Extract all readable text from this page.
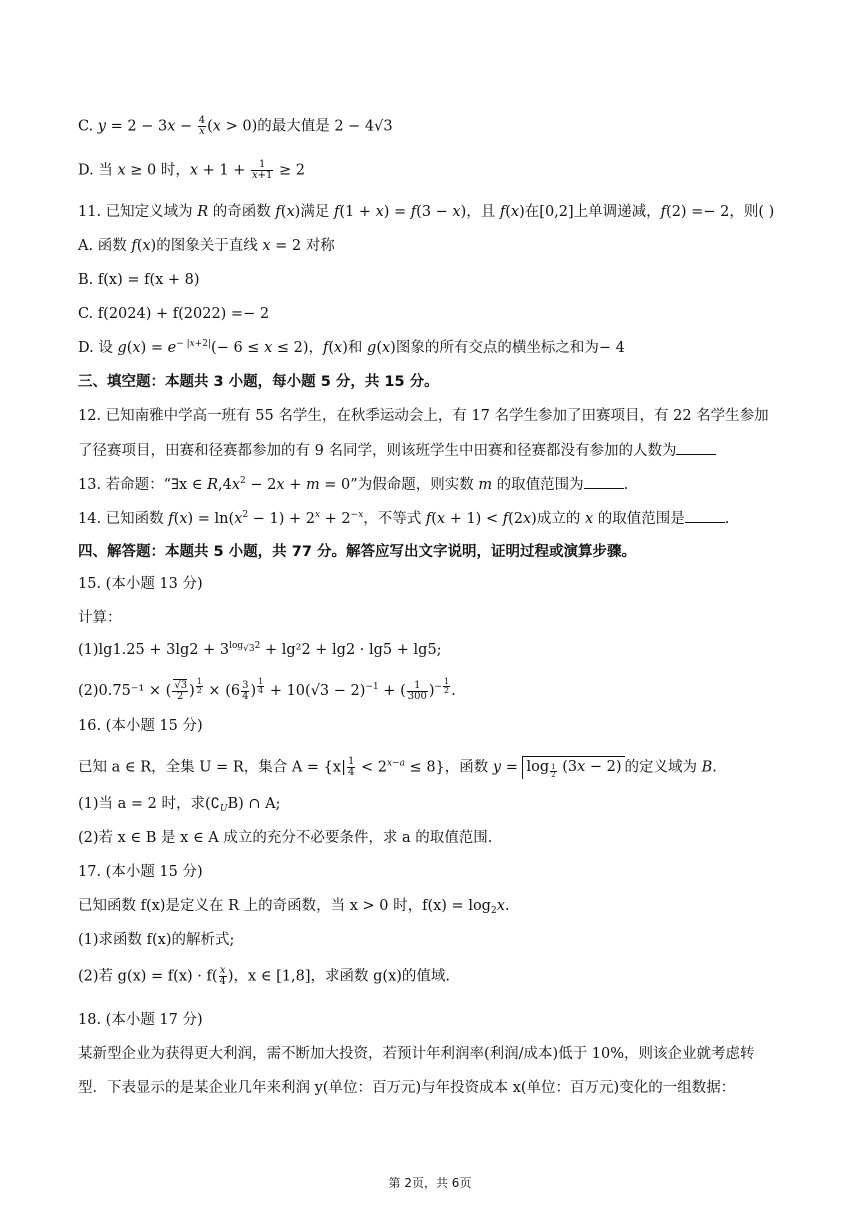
C. $y = 2 - 3x - \frac{4}{x} (x > 0)$的最大值是 2 − 4√3
D. 当 x ≥ 0 时，$x + 1 + \frac{1}{x+1} \ge 2$
11. 已知定义域为 R 的奇函数 f(x)满足 f(1 + x) = f(3 − x)，且 f(x)在[0,2]上单调递减，f(2) =− 2，则( )
A. 函数 f(x)的图象关于直线 x = 2 对称
B. f(x) = f(x + 8)
C. f(2024) + f(2022) =− 2
D. 设 $g(x) = e^{- |x+2|}(- 6 \le x \le 2)$，f(x)和 g(x)图象的所有交点的横坐标之和为− 4
三、填空题：本题共 3 小题，每小题 5 分，共 15 分。
12. 已知南雅中学高一班有 55 名学生，在秋季运动会上，有 17 名学生参加了田赛项目，有 22 名学生参加
了径赛项目，田赛和径赛都参加的有 9 名同学，则该班学生中田赛和径赛都没有参加的人数为
13. 若命题：“∃x ∈ $R,4x^2 - 2x + m = 0$”为假命题，则实数 m 的取值范围为	.
14. 已知函数 $f(x) = \ln(x^2 - 1) + 2^x + 2^{-x}$，不等式 f(x + 1) < f(2x)成立的 x 的取值范围是	.
四、解答题：本题共 5 小题，共 77 分。解答应写出文字说明，证明过程或演算步骤。
15. (本小题 13 分)
计算：
$(1)\lg 1.25 + 3\lg 2 + 3^{log_{√3}2} + \lg^22 + \lg 2 \cdot \lg 5 + \lg 5$;
(2)0.75⁻¹ × ( $\frac{√3}{2}$ ) $^{\frac{1}{2}} \times (6 \frac{3}{4}$ ) $^{\frac{1}{4}} + 10(√3 - 2)^{-1}$ + ( $\frac{1}{300} )^{- \frac{1}{2}}$ .
16. (本小题 15 分)
已知 a ∈ R，全集 U = R，集合 $A = \{x| \frac{1}{4} < 2^{x-a} \le 8\}$，函数 y = log $_{\frac{1}{2}}$ (3x − 2) 的定义域为 B.
(1)当 a = 2 时，求$(∁_UB)$ ∩ A;
(2)若 x ∈ B 是 x ∈ A 成立的充分不必要条件，求 a 的取值范围.
17. (本小题 15 分)
已知函数 f(x)是定义在 R 上的奇函数，当 x > 0 时，$f(x) = \log_2x$.
(1)求函数 f(x)的解析式;
(2)若 $g(x) = f(x) \cdot f( \frac{x}{4}$ )，x ∈ [1,8]，求函数 g(x)的值域.
18. (本小题 17 分)
某新型企业为获得更大利润，需不断加大投资，若预计年利润率(利润/成本)低于 10%，则该企业就考虑转
型．下表显示的是某企业几年来利润 y(单位：百万元)与年投资成本 x(单位：百万元)变化的一组数据：
第 2页，共 6页
